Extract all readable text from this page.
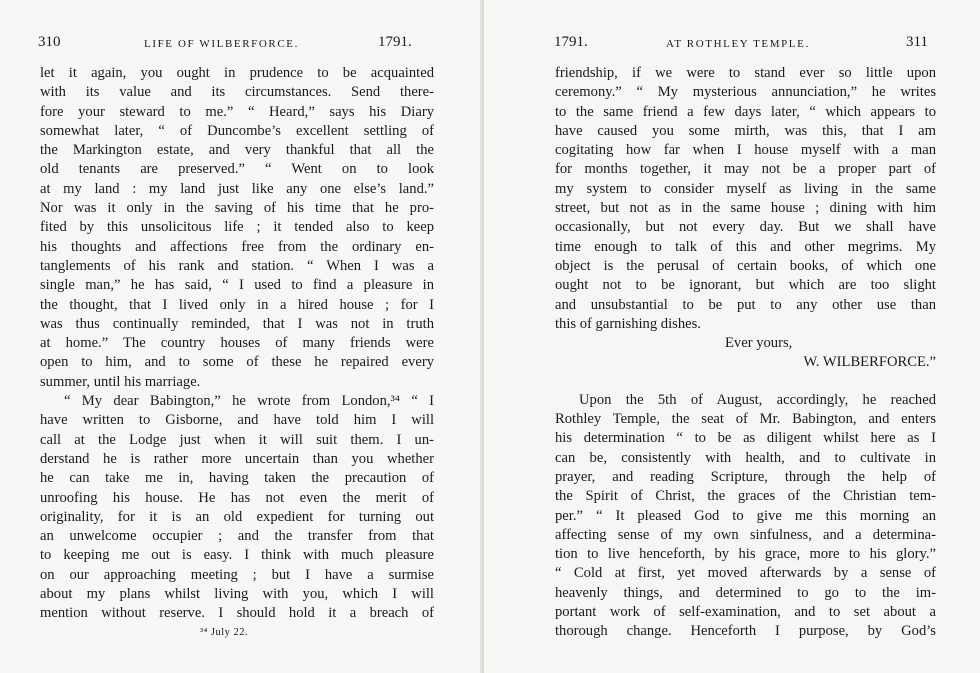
310	LIFE OF WILBERFORCE.	1791.
let it again, you ought in prudence to be acquainted
with its value and its circumstances. Send there-
fore your steward to me.” “ Heard,” says his Diary
somewhat later, “ of Duncombe’s excellent settling of
the Markington estate, and very thankful that all the
old tenants are preserved.” “ Went on to look
at my land : my land just like any one else’s land.”
Nor was it only in the saving of his time that he pro-
fited by this unsolicitous life ; it tended also to keep
his thoughts and affections free from the ordinary en-
tanglements of his rank and station. “ When I was a
single man,” he has said, “ I used to find a pleasure in
the thought, that I lived only in a hired house ; for I
was thus continually reminded, that I was not in truth
at home.” The country houses of many friends were
open to him, and to some of these he repaired every
summer, until his marriage.
“ My dear Babington,” he wrote from London,³⁴ “ I
have written to Gisborne, and have told him I will
call at the Lodge just when it will suit them. I un-
derstand he is rather more uncertain than you whether
he can take me in, having taken the precaution of
unroofing his house. He has not even the merit of
originality, for it is an old expedient for turning out
an unwelcome occupier ; and the transfer from that
to keeping me out is easy. I think with much pleasure
on our approaching meeting ; but I have a surmise
about my plans whilst living with you, which I will
mention without reserve. I should hold it a breach of
³⁴ July 22.
1791.	AT ROTHLEY TEMPLE.	311
friendship, if we were to stand ever so little upon
ceremony.” “ My mysterious annunciation,” he writes
to the same friend a few days later, “ which appears to
have caused you some mirth, was this, that I am
cogitating how far when I house myself with a man
for months together, it may not be a proper part of
my system to consider myself as living in the same
street, but not as in the same house ; dining with him
occasionally, but not every day. But we shall have
time enough to talk of this and other megrims. My
object is the perusal of certain books, of which one
ought not to be ignorant, but which are too slight
and unsubstantial to be put to any other use than
this of garnishing dishes.
Ever yours,
W. WILBERFORCE.”
Upon the 5th of August, accordingly, he reached
Rothley Temple, the seat of Mr. Babington, and enters
his determination “ to be as diligent whilst here as I
can be, consistently with health, and to cultivate in
prayer, and reading Scripture, through the help of
the Spirit of Christ, the graces of the Christian tem-
per.” “ It pleased God to give me this morning an
affecting sense of my own sinfulness, and a determina-
tion to live henceforth, by his grace, more to his glory.”
“ Cold at first, yet moved afterwards by a sense of
heavenly things, and determined to go to the im-
portant work of self-examination, and to set about a
thorough change. Henceforth I purpose, by God’s
